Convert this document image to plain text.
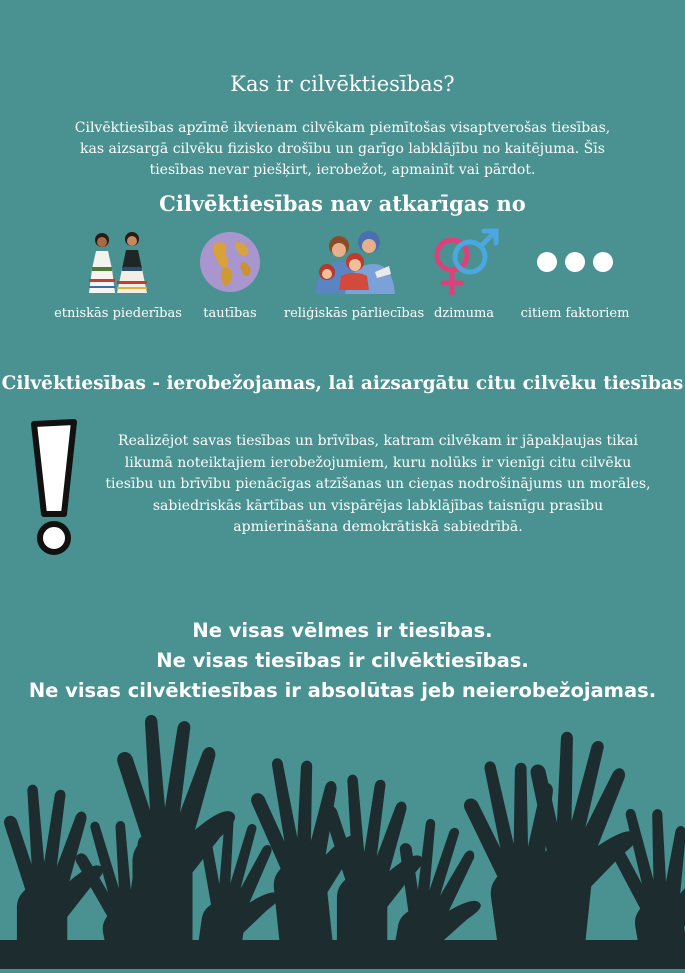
Kas ir cilvēktiesības?

Cilvēktiesības apzīmē ikvienam cilvēkam piemītošas visaptverošas tiesības,
kas aizsargā cilvēku fizisko drošību un garīgo labklājību no kaitējuma. Šīs
tiesības nevar piešķirt, ierobežot, apmainīt vai pārdot.

Cilvēktiesības nav atkarīgas no
etniskās piederības tautības reliģiskās pārliecības dzimuma citiem faktoriem
Cilvēktiesības - ierobežojamas, lai aizsargātu citu cilvēku tiesības

Realizējot savas tiesības un brīvības, katram cilvēkam ir jāpakļaujas tikai
likumā noteiktajiem ierobežojumiem, kuru nolūks ir vienīgi citu cilvēku
tiesību un brīvību pienācīgas atzīšanas un cieņas nodrošinājums un morāles,
sabiedriskās kārtības un vispārējas labklājības taisnīgu prasību
apmierināšana demokrātiskā sabiedrībā.

Ne visas vēlmes ir tiesības.
Ne visas tiesības ir cilvēktiesības.
Ne visas cilvēktiesības ir absolūtas jeb neierobežojamas.
